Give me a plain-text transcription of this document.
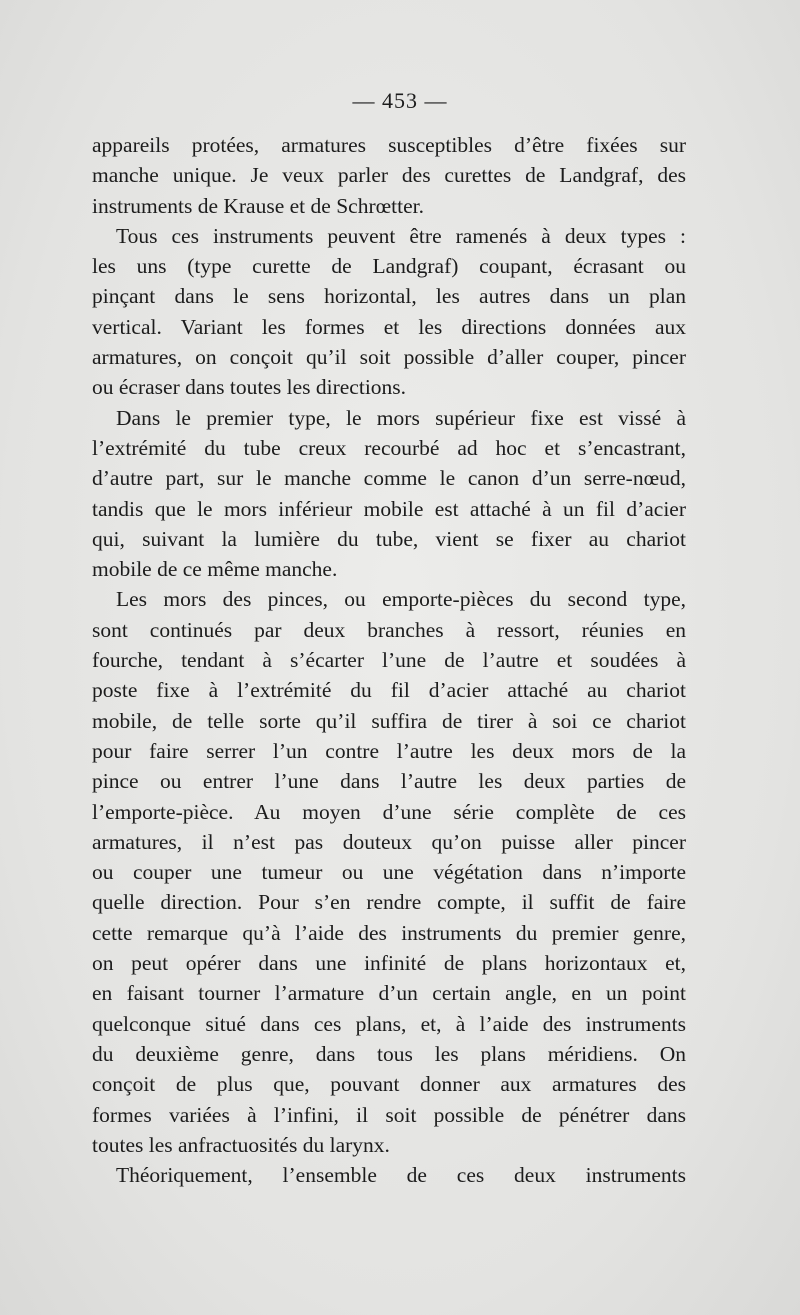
— 453 —
appareils protées, armatures susceptibles d’être fixées sur
manche unique. Je veux parler des curettes de Landgraf, des
instruments de Krause et de Schrœtter.
Tous ces instruments peuvent être ramenés à deux types :
les uns (type curette de Landgraf) coupant, écrasant ou
pinçant dans le sens horizontal, les autres dans un plan
vertical. Variant les formes et les directions données aux
armatures, on conçoit qu’il soit possible d’aller couper, pincer
ou écraser dans toutes les directions.
Dans le premier type, le mors supérieur fixe est vissé à
l’extrémité du tube creux recourbé ad hoc et s’encastrant,
d’autre part, sur le manche comme le canon d’un serre-nœud,
tandis que le mors inférieur mobile est attaché à un fil d’acier
qui, suivant la lumière du tube, vient se fixer au chariot
mobile de ce même manche.
Les mors des pinces, ou emporte-pièces du second type,
sont continués par deux branches à ressort, réunies en
fourche, tendant à s’écarter l’une de l’autre et soudées à
poste fixe à l’extrémité du fil d’acier attaché au chariot
mobile, de telle sorte qu’il suffira de tirer à soi ce chariot
pour faire serrer l’un contre l’autre les deux mors de la
pince ou entrer l’une dans l’autre les deux parties de
l’emporte-pièce. Au moyen d’une série complète de ces
armatures, il n’est pas douteux qu’on puisse aller pincer
ou couper une tumeur ou une végétation dans n’importe
quelle direction. Pour s’en rendre compte, il suffit de faire
cette remarque qu’à l’aide des instruments du premier genre,
on peut opérer dans une infinité de plans horizontaux et,
en faisant tourner l’armature d’un certain angle, en un point
quelconque situé dans ces plans, et, à l’aide des instruments
du deuxième genre, dans tous les plans méridiens. On
conçoit de plus que, pouvant donner aux armatures des
formes variées à l’infini, il soit possible de pénétrer dans
toutes les anfractuosités du larynx.
Théoriquement, l’ensemble de ces deux instruments
